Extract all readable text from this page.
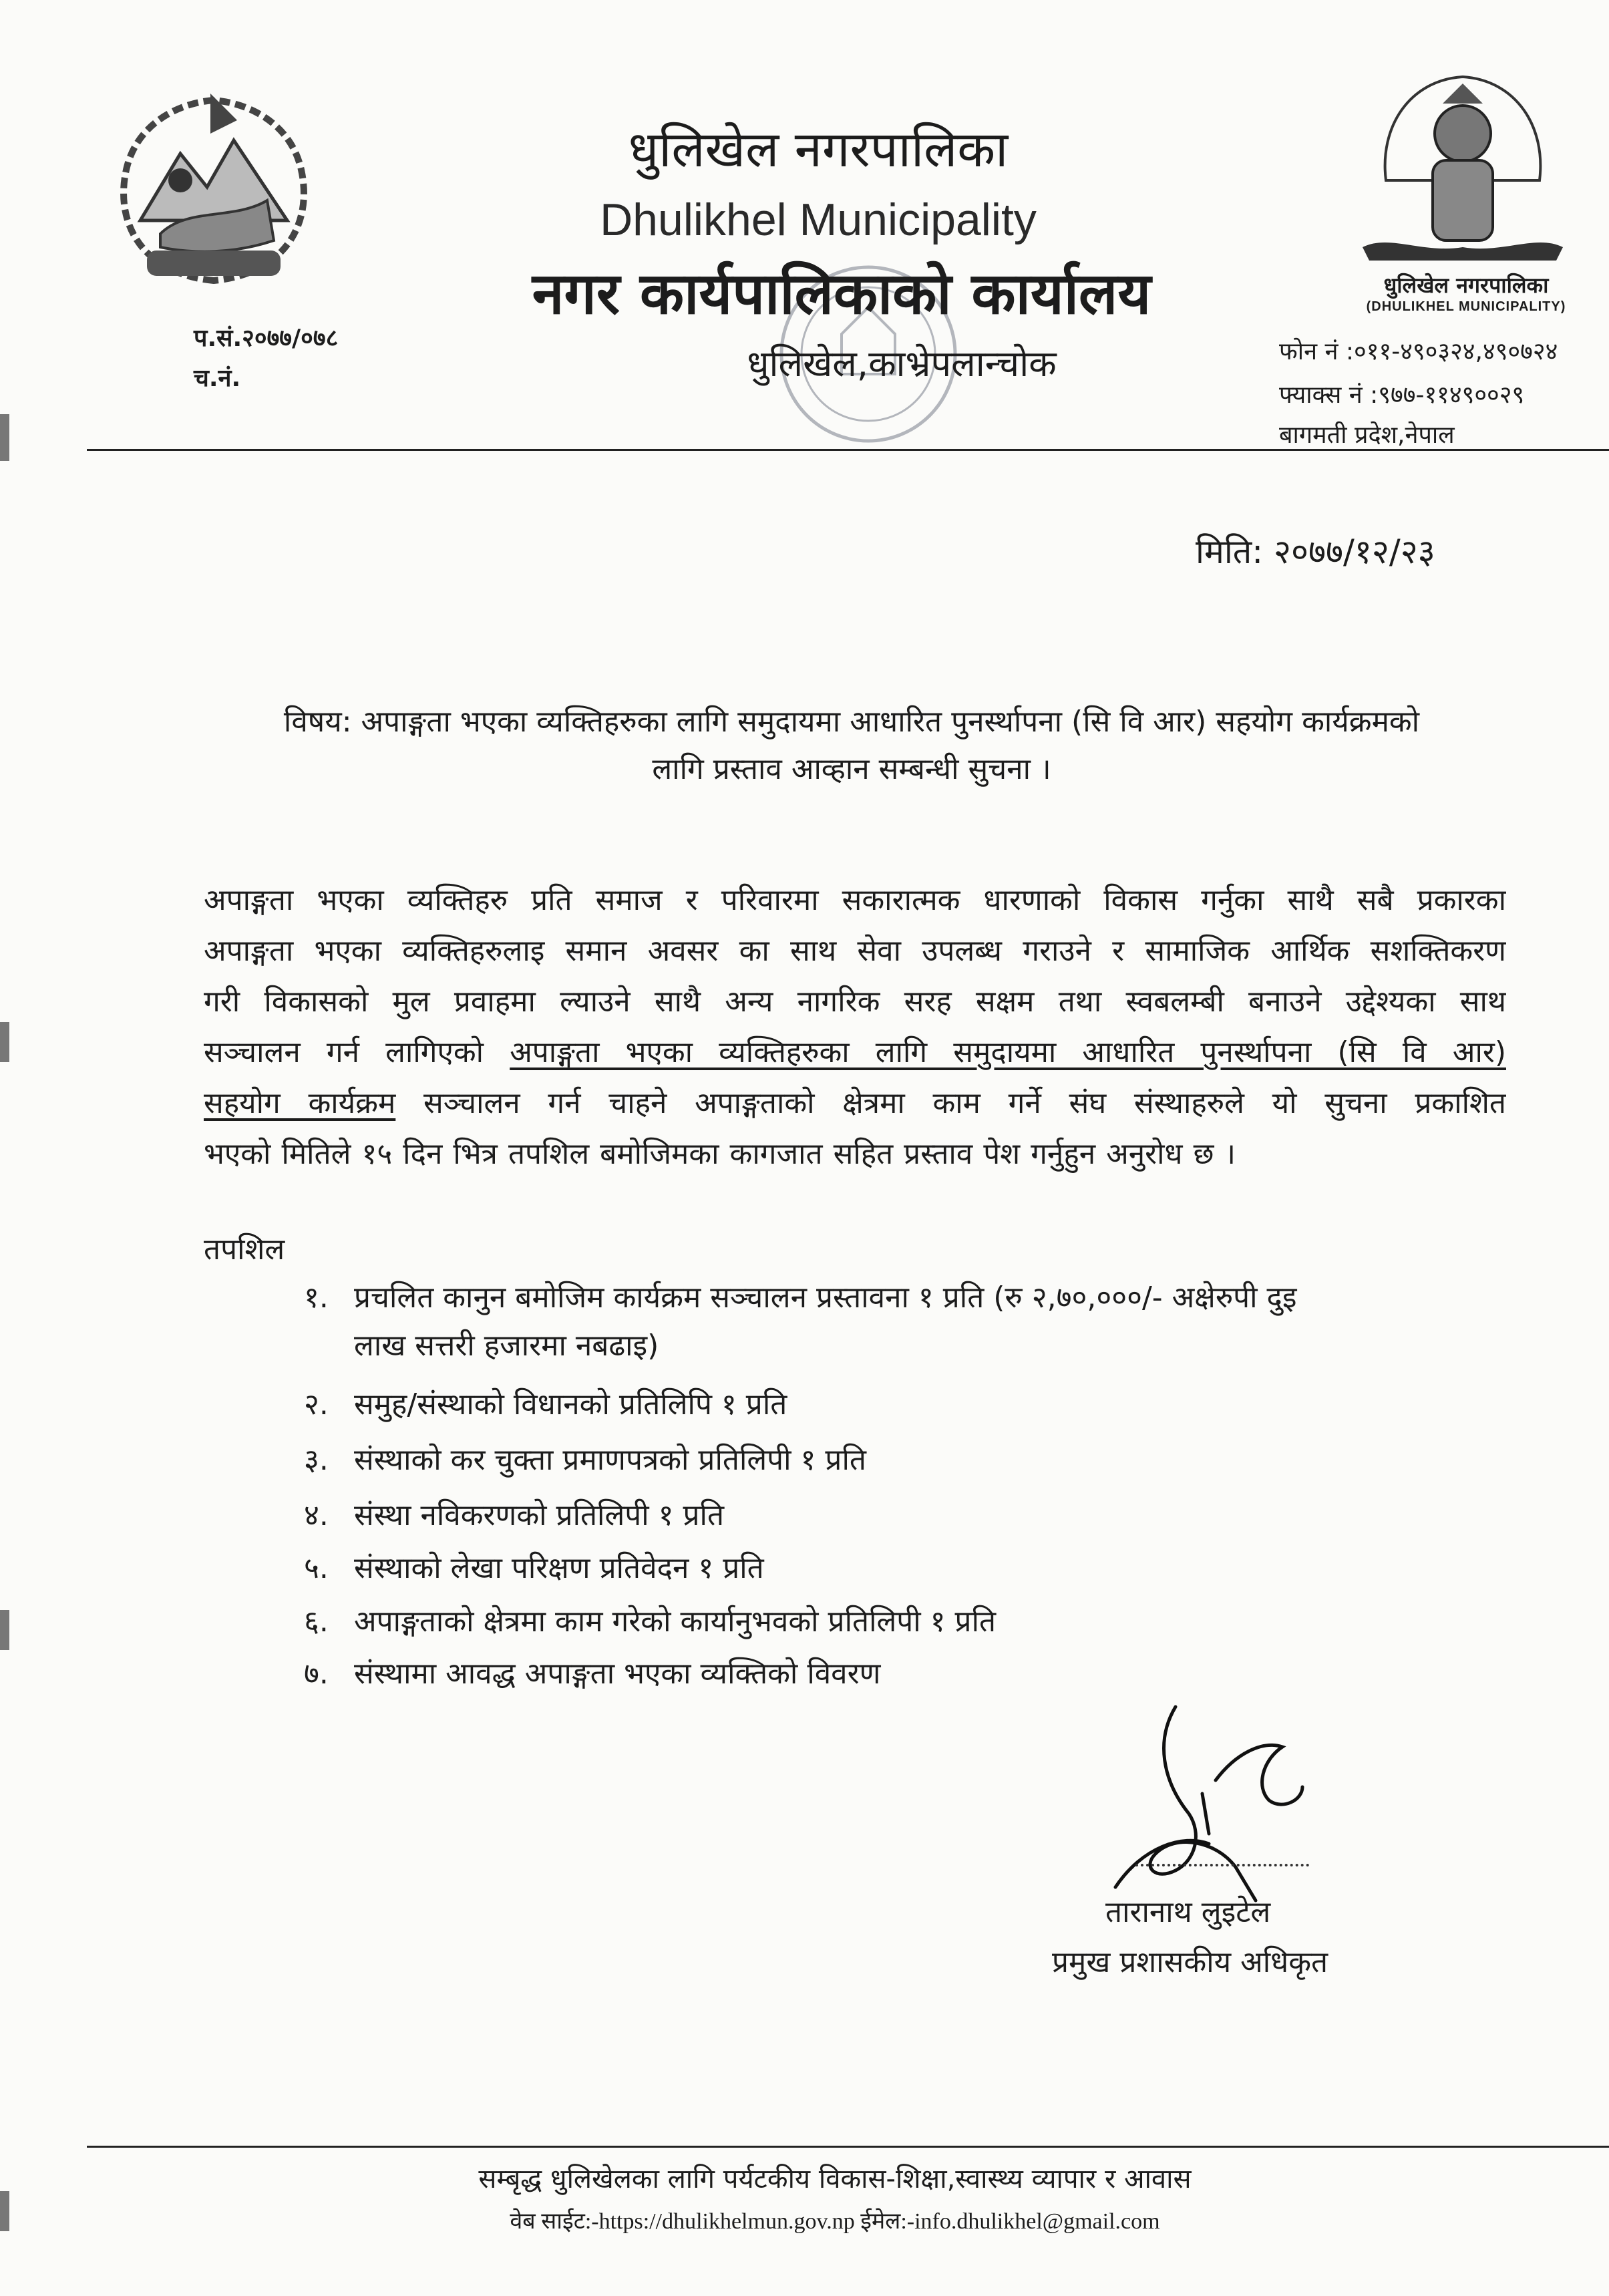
धुलिखेल नगरपालिका
Dhulikhel Municipality
नगर कार्यपालिकाको कार्यालय
धुलिखेल,काभ्रेपलान्चोक
धुलिखेल नगरपालिका
(DHULIKHEL MUNICIPALITY)
प.सं.२०७७/०७८
च.नं.
फोन नं :०११-४९०३२४,४९०७२४
फ्याक्स नं :९७७-११४९००२९
बागमती प्रदेश,नेपाल
मिति: २०७७/१२/२३
विषय: अपाङ्गता भएका व्यक्तिहरुका लागि समुदायमा आधारित पुनर्स्थापना (सि वि आर) सहयोग कार्यक्रमको
लागि प्रस्ताव आव्हान सम्बन्धी सुचना ।
अपाङ्गता भएका व्यक्तिहरु प्रति समाज र परिवारमा सकारात्मक धारणाको विकास गर्नुका साथै सबै प्रकारका
अपाङ्गता भएका व्यक्तिहरुलाइ समान अवसर का साथ सेवा उपलब्ध गराउने र सामाजिक आर्थिक सशक्तिकरण
गरी विकासको मुल प्रवाहमा ल्याउने साथै अन्य नागरिक सरह सक्षम तथा स्वबलम्बी बनाउने उद्देश्यका साथ
सञ्चालन गर्न लागिएको अपाङ्गता भएका व्यक्तिहरुका लागि समुदायमा आधारित पुनर्स्थापना (सि वि आर)
सहयोग कार्यक्रम सञ्चालन गर्न चाहने अपाङ्गताको क्षेत्रमा काम गर्ने संघ संस्थाहरुले यो सुचना प्रकाशित
भएको मितिले १५ दिन भित्र तपशिल बमोजिमका कागजात सहित प्रस्ताव पेश गर्नुहुन अनुरोध छ ।
तपशिल
१. प्रचलित कानुन बमोजिम कार्यक्रम सञ्चालन प्रस्तावना १ प्रति (रु २,७०,०००/- अक्षेरुपी दुइ
लाख सत्तरी हजारमा नबढाइ)
२. समुह/संस्थाको विधानको प्रतिलिपि १ प्रति
३. संस्थाको कर चुक्ता प्रमाणपत्रको प्रतिलिपी १ प्रति
४. संस्था नविकरणको प्रतिलिपी १ प्रति
५. संस्थाको लेखा परिक्षण प्रतिवेदन १ प्रति
६. अपाङ्गताको क्षेत्रमा काम गरेको कार्यानुभवको प्रतिलिपी १ प्रति
७. संस्थामा आवद्ध अपाङ्गता भएका व्यक्तिको विवरण
तारानाथ लुइटेल
प्रमुख प्रशासकीय अधिकृत
सम्बृद्ध धुलिखेलका लागि पर्यटकीय विकास-शिक्षा,स्वास्थ्य व्यापार र आवास
वेब साईट:-https://dhulikhelmun.gov.np ईमेल:-info.dhulikhel@gmail.com
